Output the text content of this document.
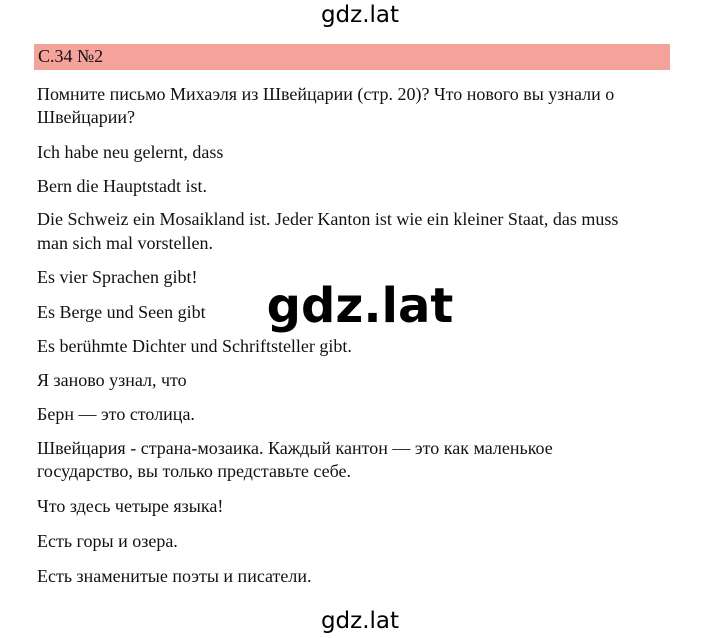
gdz.lat
С.34 №2
Помните письмо Михаэля из Швейцарии (стр. 20)? Что нового вы узнали о
Швейцарии?
Ich habe neu gelernt, dass
Bern die Hauptstadt ist.
Die Schweiz ein Mosaikland ist. Jeder Kanton ist wie ein kleiner Staat, das muss
man sich mal vorstellen.
Es vier Sprachen gibt!
Es Berge und Seen gibt
Es berühmte Dichter und Schriftsteller gibt.
Я заново узнал, что
Берн — это столица.
Швейцария - страна-мозаика. Каждый кантон — это как маленькое
государство, вы только представьте себе.
Что здесь четыре языка!
Есть горы и озера.
Есть знаменитые поэты и писатели.
gdz.lat
gdz.lat
